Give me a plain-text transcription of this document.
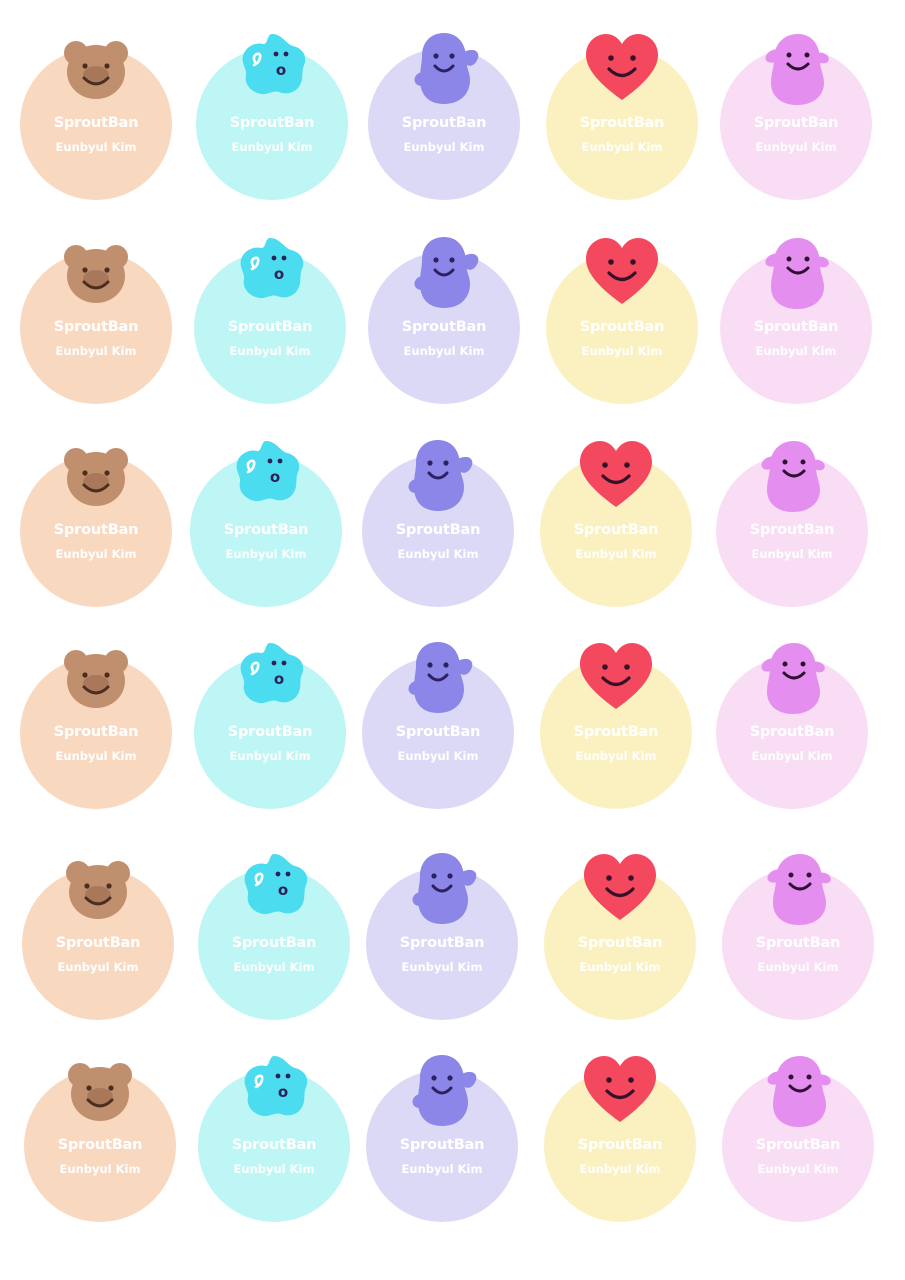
SproutBan
Eunbyul Kim
o
SproutBan
Eunbyul Kim
SproutBan
Eunbyul Kim
SproutBan
Eunbyul Kim
SproutBan
Eunbyul Kim
SproutBan
Eunbyul Kim
o
SproutBan
Eunbyul Kim
SproutBan
Eunbyul Kim
SproutBan
Eunbyul Kim
SproutBan
Eunbyul Kim
SproutBan
Eunbyul Kim
o
SproutBan
Eunbyul Kim
SproutBan
Eunbyul Kim
SproutBan
Eunbyul Kim
SproutBan
Eunbyul Kim
SproutBan
Eunbyul Kim
o
SproutBan
Eunbyul Kim
SproutBan
Eunbyul Kim
SproutBan
Eunbyul Kim
SproutBan
Eunbyul Kim
SproutBan
Eunbyul Kim
o
SproutBan
Eunbyul Kim
SproutBan
Eunbyul Kim
SproutBan
Eunbyul Kim
SproutBan
Eunbyul Kim
SproutBan
Eunbyul Kim
o
SproutBan
Eunbyul Kim
SproutBan
Eunbyul Kim
SproutBan
Eunbyul Kim
SproutBan
Eunbyul Kim
